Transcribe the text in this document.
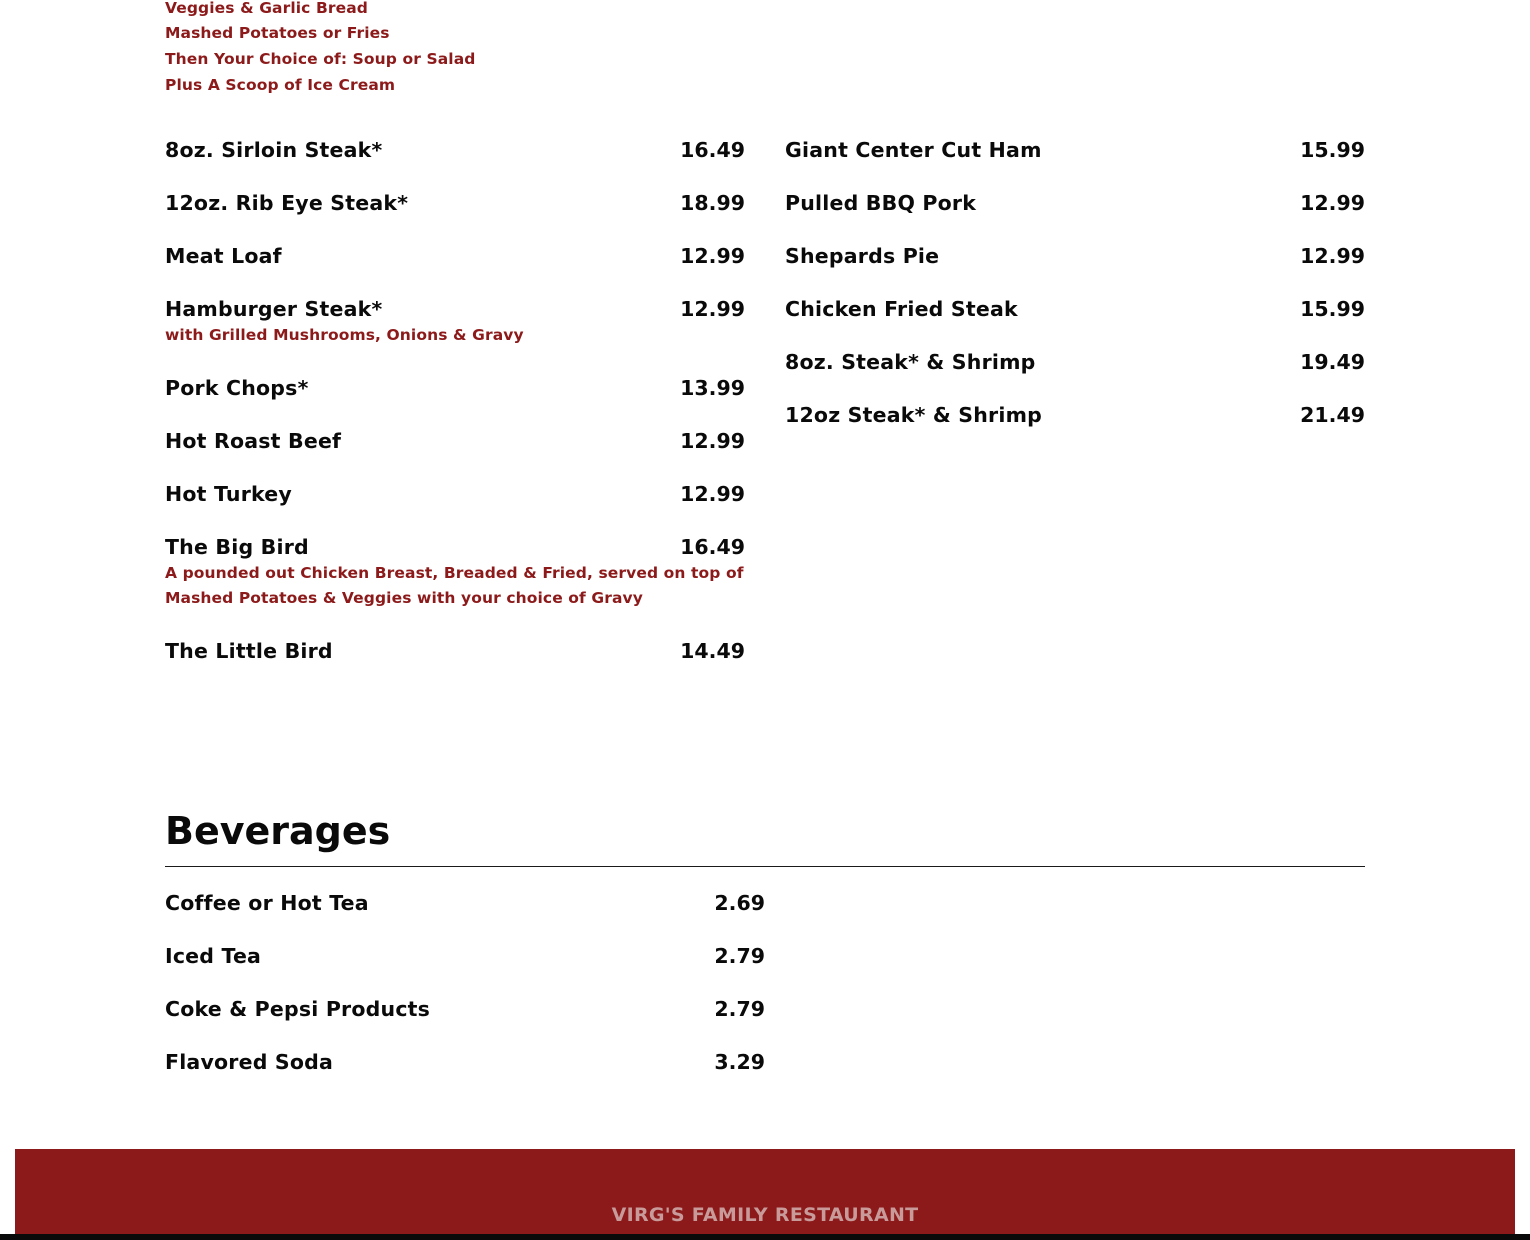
Veggies & Garlic Bread
Mashed Potatoes or Fries
Then Your Choice of: Soup or Salad
Plus A Scoop of Ice Cream
8oz. Sirloin Steak*	16.49
12oz. Rib Eye Steak*	18.99
Meat Loaf	12.99
Hamburger Steak*	12.99
with Grilled Mushrooms, Onions & Gravy
Pork Chops*	13.99
Hot Roast Beef	12.99
Hot Turkey	12.99
The Big Bird	16.49
A pounded out Chicken Breast, Breaded & Fried, served on top of
Mashed Potatoes & Veggies with your choice of Gravy
The Little Bird	14.49
Giant Center Cut Ham	15.99
Pulled BBQ Pork	12.99
Shepards Pie	12.99
Chicken Fried Steak	15.99
8oz. Steak* & Shrimp	19.49
12oz Steak* & Shrimp	21.49
Beverages
Coffee or Hot Tea	2.69
Iced Tea	2.79
Coke & Pepsi Products	2.79
Flavored Soda	3.29
VIRG'S FAMILY RESTAURANT
